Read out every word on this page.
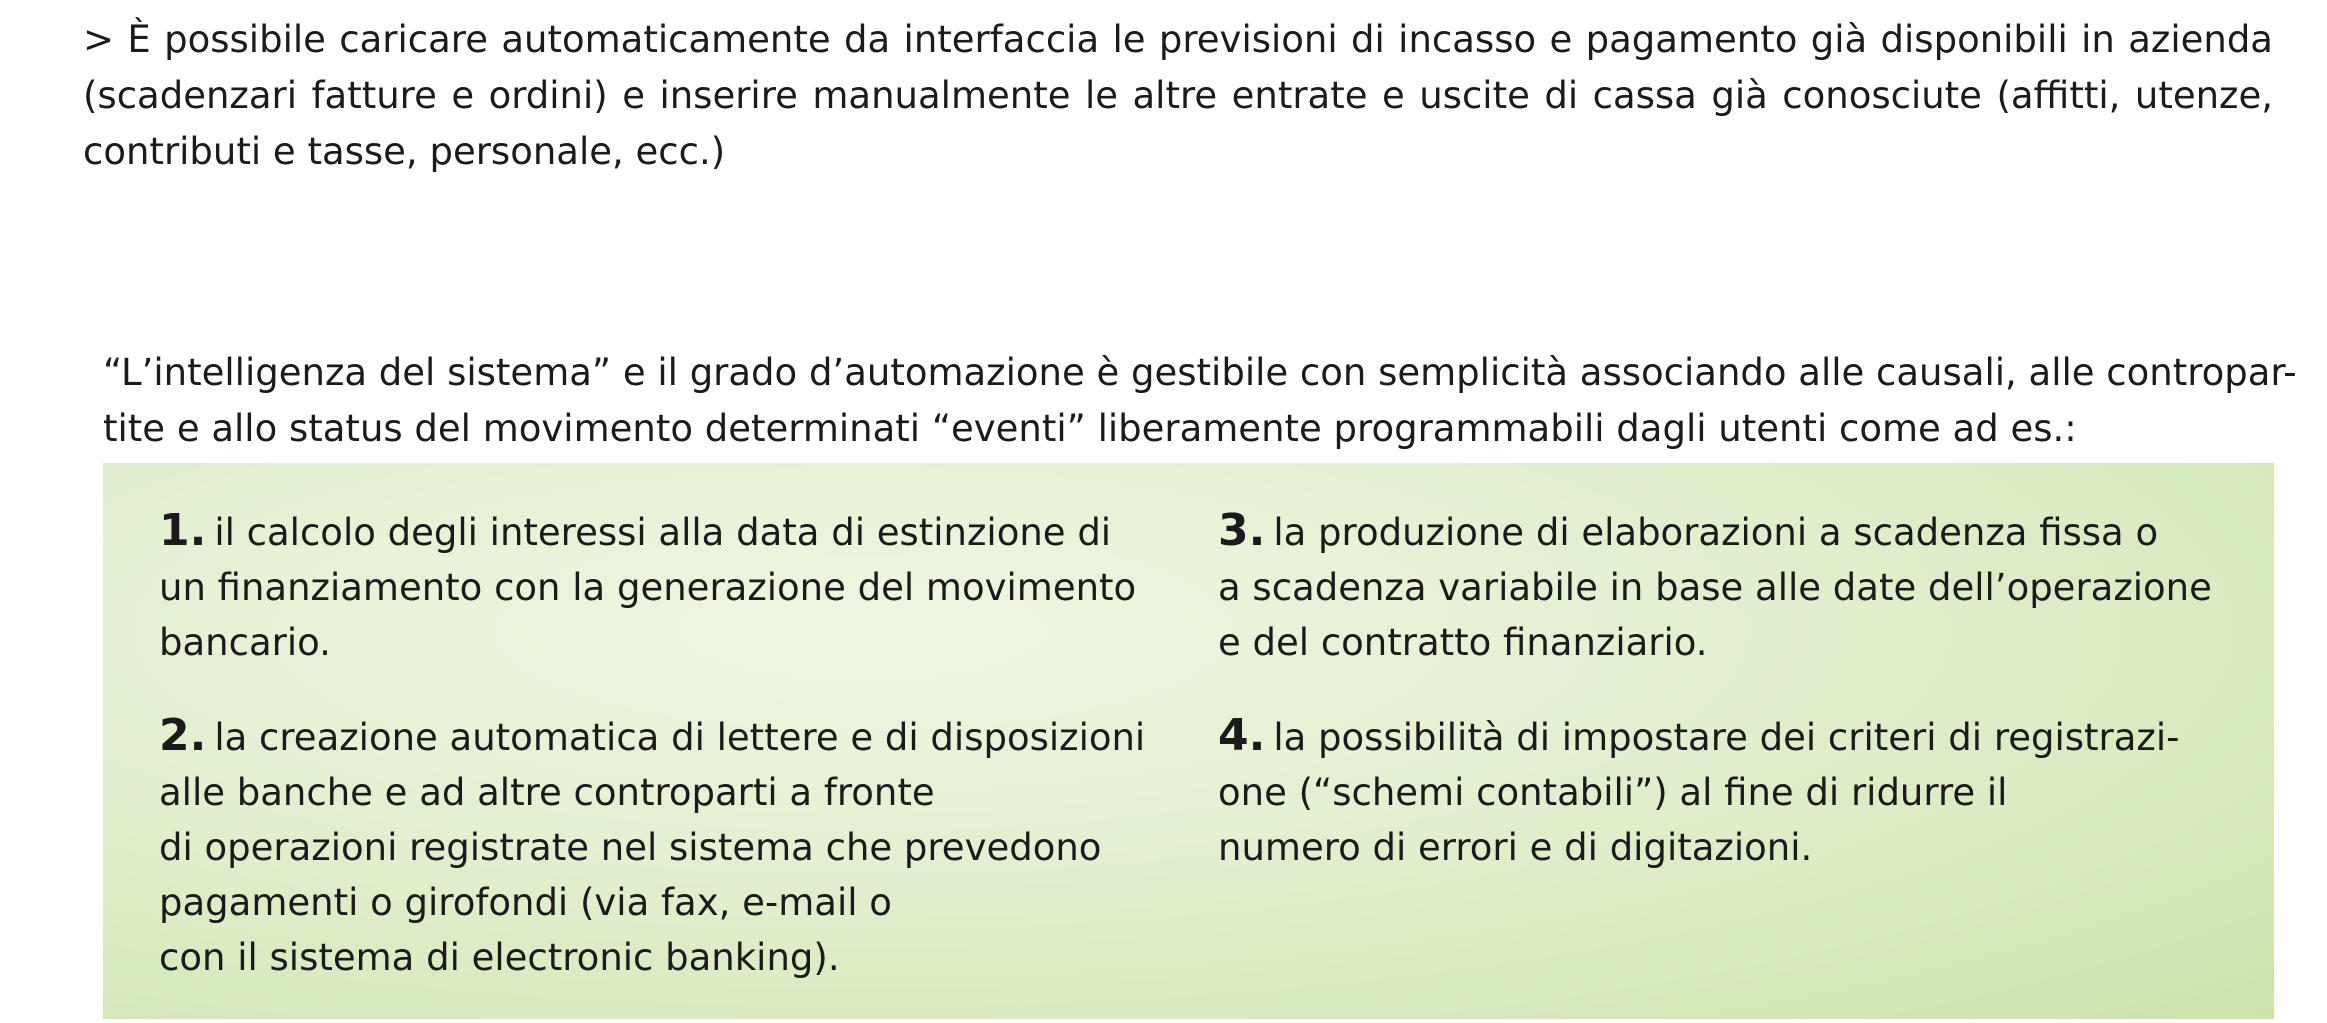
> È possibile caricare automaticamente da interfaccia le previsioni di incasso e pagamento già disponibili in azienda (scadenzari fatture e ordini) e inserire manualmente le altre entrate e uscite di cassa già conosciute (affitti, utenze, contributi e tasse, personale, ecc.)

“L’intelligenza del sistema” e il grado d’automazione è gestibile con semplicità associando alle causali, alle contropar-
tite e allo status del movimento determinati “eventi” liberamente programmabili dagli utenti come ad es.:

1. il calcolo degli interessi alla data di estinzione di
un finanziamento con la generazione del movimento
bancario.
2. la creazione automatica di lettere e di disposizioni
alle banche e ad altre controparti a fronte
di operazioni registrate nel sistema che prevedono
pagamenti o girofondi (via fax, e-mail o
con il sistema di electronic banking).
3. la produzione di elaborazioni a scadenza fissa o
a scadenza variabile in base alle date dell’operazione
e del contratto finanziario.
4. la possibilità di impostare dei criteri di registrazi-
one (“schemi contabili”) al fine di ridurre il
numero di errori e di digitazioni.
